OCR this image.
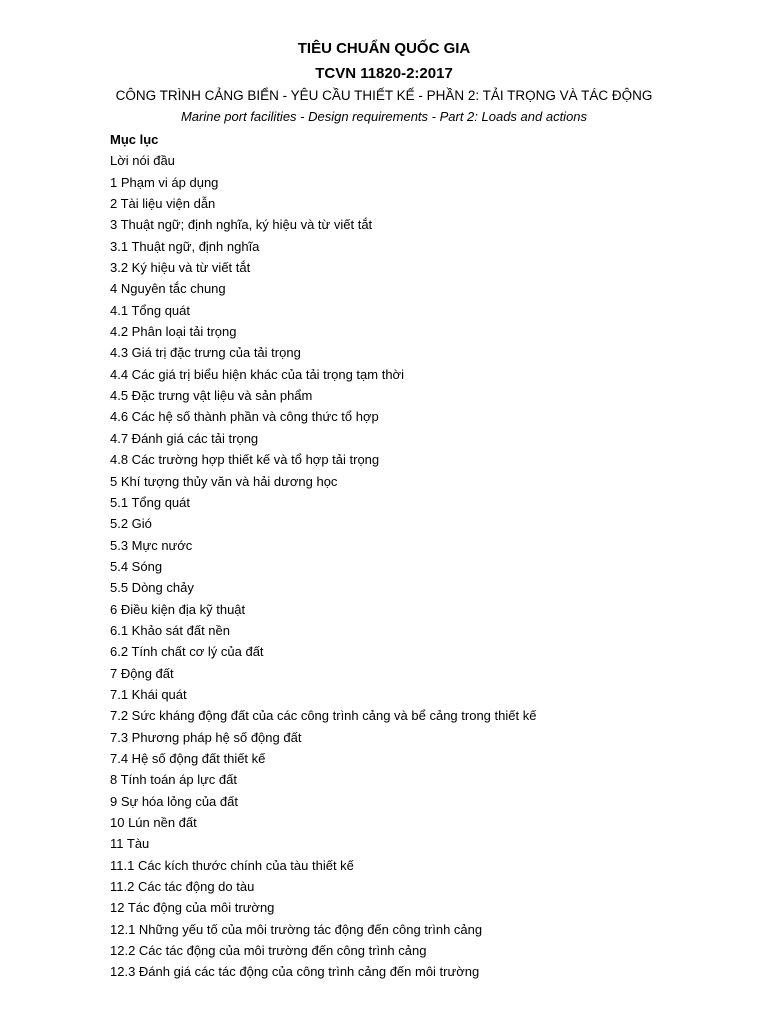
TIÊU CHUẨN QUỐC GIA
TCVN 11820-2:2017
CÔNG TRÌNH CẢNG BIỂN - YÊU CẦU THIẾT KẾ - PHẦN 2: TẢI TRỌNG VÀ TÁC ĐỘNG
Marine port facilities - Design requirements - Part 2: Loads and actions
Mục lục
Lời nói đầu
1 Phạm vi áp dụng
2 Tài liệu viện dẫn
3 Thuật ngữ; định nghĩa, ký hiệu và từ viết tắt
3.1 Thuật ngữ, định nghĩa
3.2 Ký hiệu và từ viết tắt
4 Nguyên tắc chung
4.1 Tổng quát
4.2 Phân loại tải trọng
4.3 Giá trị đặc trưng của tải trọng
4.4 Các giá trị biểu hiện khác của tải trọng tạm thời
4.5 Đặc trưng vật liệu và sản phẩm
4.6 Các hệ số thành phần và công thức tổ hợp
4.7 Đánh giá các tải trọng
4.8 Các trường hợp thiết kế và tổ hợp tải trọng
5 Khí tượng thủy văn và hải dương học
5.1 Tổng quát
5.2 Gió
5.3 Mực nước
5.4 Sóng
5.5 Dòng chảy
6 Điều kiện địa kỹ thuật
6.1 Khảo sát đất nền
6.2 Tính chất cơ lý của đất
7 Động đất
7.1 Khái quát
7.2 Sức kháng động đất của các công trình cảng và bể cảng trong thiết kế
7.3 Phương pháp hệ số động đất
7.4 Hệ số động đất thiết kế
8 Tính toán áp lực đất
9 Sự hóa lỏng của đất
10 Lún nền đất
11 Tàu
11.1 Các kích thước chính của tàu thiết kế
11.2 Các tác động do tàu
12 Tác động của môi trường
12.1 Những yếu tố của môi trường tác động đến công trình cảng
12.2 Các tác động của môi trường đến công trình cảng
12.3 Đánh giá các tác động của công trình cảng đến môi trường
